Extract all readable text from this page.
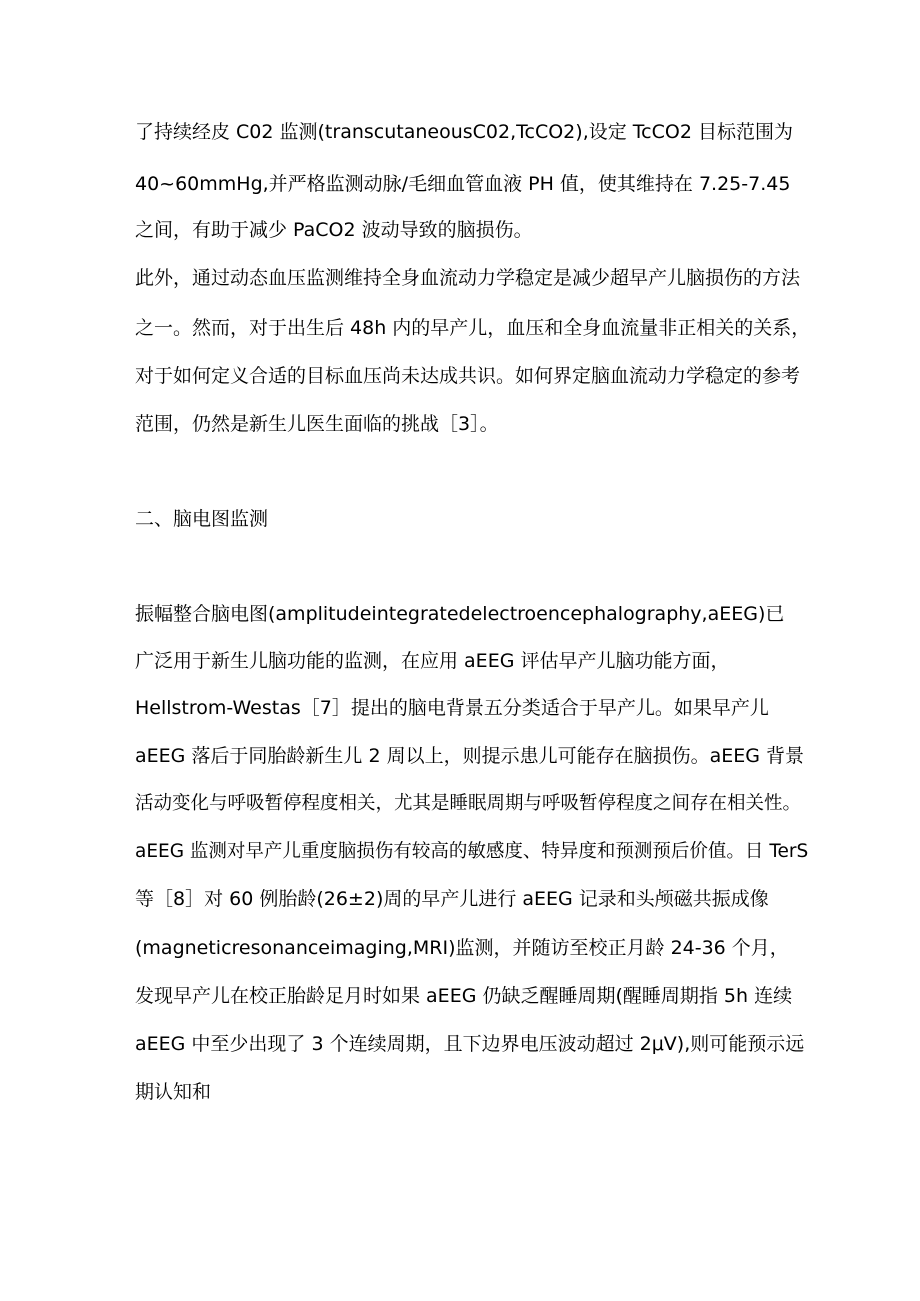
了持续经皮 C02 监测(transcutaneousC02,TcCO2),设定 TcCO2 目标范围为
40~60mmHg,并严格监测动脉/毛细血管血液 PH 值，使其维持在 7.25-7.45
之间，有助于减少 PaCO2 波动导致的脑损伤。
此外，通过动态血压监测维持全身血流动力学稳定是减少超早产儿脑损伤的方法
之一。然而，对于出生后 48h 内的早产儿，血压和全身血流量非正相关的关系，
对于如何定义合适的目标血压尚未达成共识。如何界定脑血流动力学稳定的参考
范围，仍然是新生儿医生面临的挑战［3］。
二、脑电图监测
振幅整合脑电图(amplitudeintegratedelectroencephalography,aEEG)已
广泛用于新生儿脑功能的监测，在应用 aEEG 评估早产儿脑功能方面，
Hellstrom-Westas［7］提出的脑电背景五分类适合于早产儿。如果早产儿
aEEG 落后于同胎龄新生儿 2 周以上，则提示患儿可能存在脑损伤。aEEG 背景
活动变化与呼吸暂停程度相关，尤其是睡眠周期与呼吸暂停程度之间存在相关性。
aEEG 监测对早产儿重度脑损伤有较高的敏感度、特异度和预测预后价值。日 TerS
等［8］对 60 例胎龄(26±2)周的早产儿进行 aEEG 记录和头颅磁共振成像
(magneticresonanceimaging,MRI)监测，并随访至校正月龄 24-36 个月，
发现早产儿在校正胎龄足月时如果 aEEG 仍缺乏醒睡周期(醒睡周期指 5h 连续
aEEG 中至少出现了 3 个连续周期，且下边界电压波动超过 2μV),则可能预示远
期认知和
